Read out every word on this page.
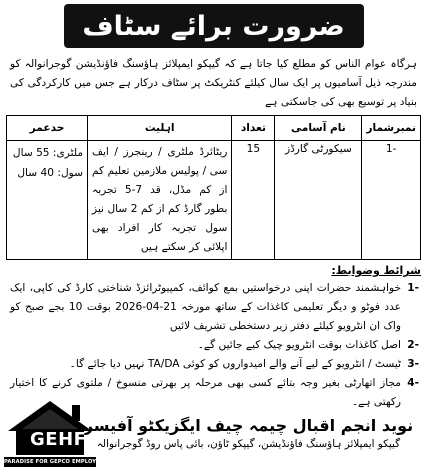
ضرورت برائے سٹاف
ہرگاہ عوام الناس کو مطلع کیا جاتا ہے کہ گیپکو ایمپلائز ہاؤسنگ فاؤنڈیشن گوجرانوالہ کو مندرجہ ذیل آسامیوں پر ایک سال کیلئے کنٹریکٹ پر سٹاف درکار ہے جس میں کارکردگی کی بنیاد پر توسیع بھی کی جاسکتی ہے
نمبرشمار	نام آسامی	تعداد	اہلیت	حدعمر
-1	سیکورٹی گارڈز	15	ریٹائرڈ ملٹری / رینجرز / ایف سی / پولیس ملازمین تعلیم کم از کم مڈل، قد 7-5 تجربہ بطور گارڈ کم از کم 2 سال نیز سول تجربہ کار افراد بھی اپلائی کر سکتے ہیں	ملٹری: 55 سال
سول: 40 سال
شرائط وضوابط:
-1
خواہشمند حضرات اپنی درخواستیں بمع کوائف، کمپیوٹرائزڈ شناختی کارڈ کی کاپی، ایک عدد فوٹو و دیگر تعلیمی کاغذات کے ساتھ مورخہ 21-04-2026 بوقت 10 بجے صبح کو واک ان انٹرویو کیلئے دفتر زیر دستخطی تشریف لائیں
-2
اصل کاغذات بوقت انٹرویو چیک کیے جائیں گے۔
-3
ٹیسٹ / انٹرویو کے لیے آنے والے امیدواروں کو کوئی TA/DA نہیں دیا جائے گا۔
-4
مجاز اتھارٹی بغیر وجہ بتائے کسی بھی مرحلہ پر بھرتی منسوخ / ملتوی کرنے کا اختیار رکھتی ہے۔
نوید انجم اقبال چیمہ چیف ایگزیکٹو آفیسر
گیپکو ایمپلائز ہاؤسنگ فاؤنڈیشن، گیپکو ٹاؤن، بائی پاس روڈ گوجرانوالہ
GEHF
PARADISE FOR GEPCO EMPLOYEES
